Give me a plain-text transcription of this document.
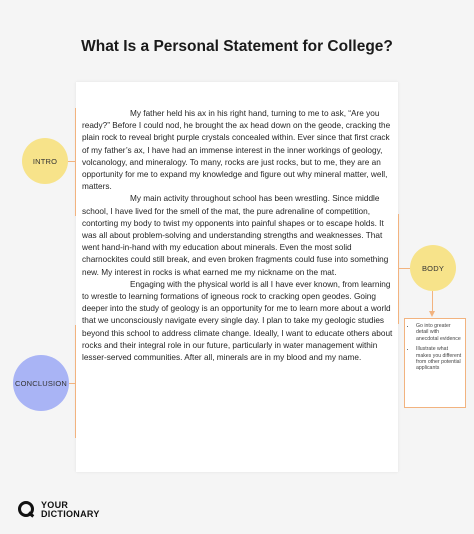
What Is a Personal Statement for College?

My father held his ax in his right hand, turning to me to ask, “Are you ready?” Before I could nod, he brought the ax head down on the geode, cracking the plain rock to reveal bright purple crystals concealed within. Ever since that first crack of my father’s ax, I have had an immense interest in the inner workings of geology, volcanology, and mineralogy. To many, rocks are just rocks, but to me, they are an opportunity for me to expand my knowledge and figure out why mineral matter, well, matters.

My main activity throughout school has been wrestling. Since middle school, I have lived for the smell of the mat, the pure adrenaline of competition, contorting my body to twist my opponents into painful shapes or to escape holds. It was all about problem-solving and understanding strengths and weaknesses. That went hand-in-hand with my education about minerals. Even the most solid charnockites could still break, and even broken fragments could fuse into something new. My interest in rocks is what earned me my nickname on the mat.

Engaging with the physical world is all I have ever known, from learning to wrestle to learning formations of igneous rock to cracking open geodes. Going deeper into the study of geology is an opportunity for me to learn more about a world that we unconsciously navigate every single day. I plan to take my geologic studies beyond this school to address climate change. Ideally, I want to educate others about rocks and their integral role in our future, particularly in water management within lesser-served communities. After all, minerals are in my blood and my name.

INTRO
BODY
• Go into greater detail with anecdotal evidence
• Illustrate what makes you different from other potential applicants
CONCLUSION
YOUR
DICTIONARY
